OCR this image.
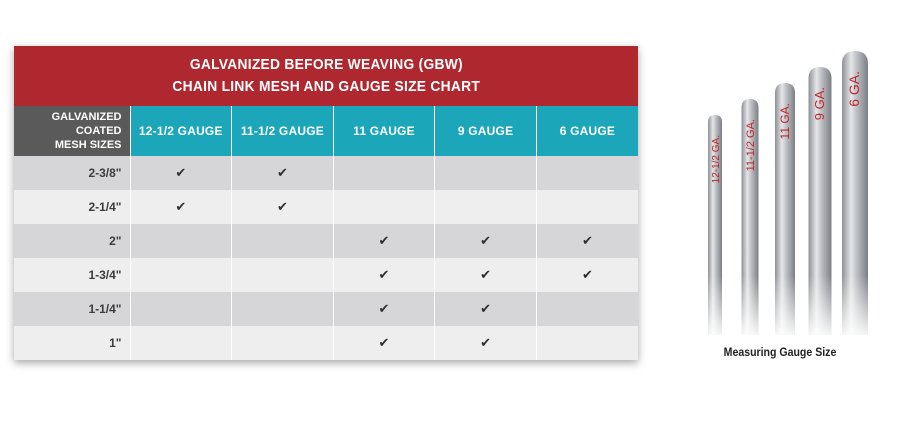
GALVANIZED BEFORE WEAVING (GBW)
CHAIN LINK MESH AND GAUGE SIZE CHART
GALVANIZED COATED
MESH SIZES	12-1/2 GAUGE	11-1/2 GAUGE	11 GAUGE	9 GAUGE	6 GAUGE
2-3/8"	✔	✔			
2-1/4"	✔	✔			
2"			✔	✔	✔
1-3/4"			✔	✔	✔
1-1/4"			✔	✔	
1"			✔	✔	
12-1/2 GA. 11-1/2 GA. 11 GA. 9 GA. 6 GA.
Measuring Gauge Size
